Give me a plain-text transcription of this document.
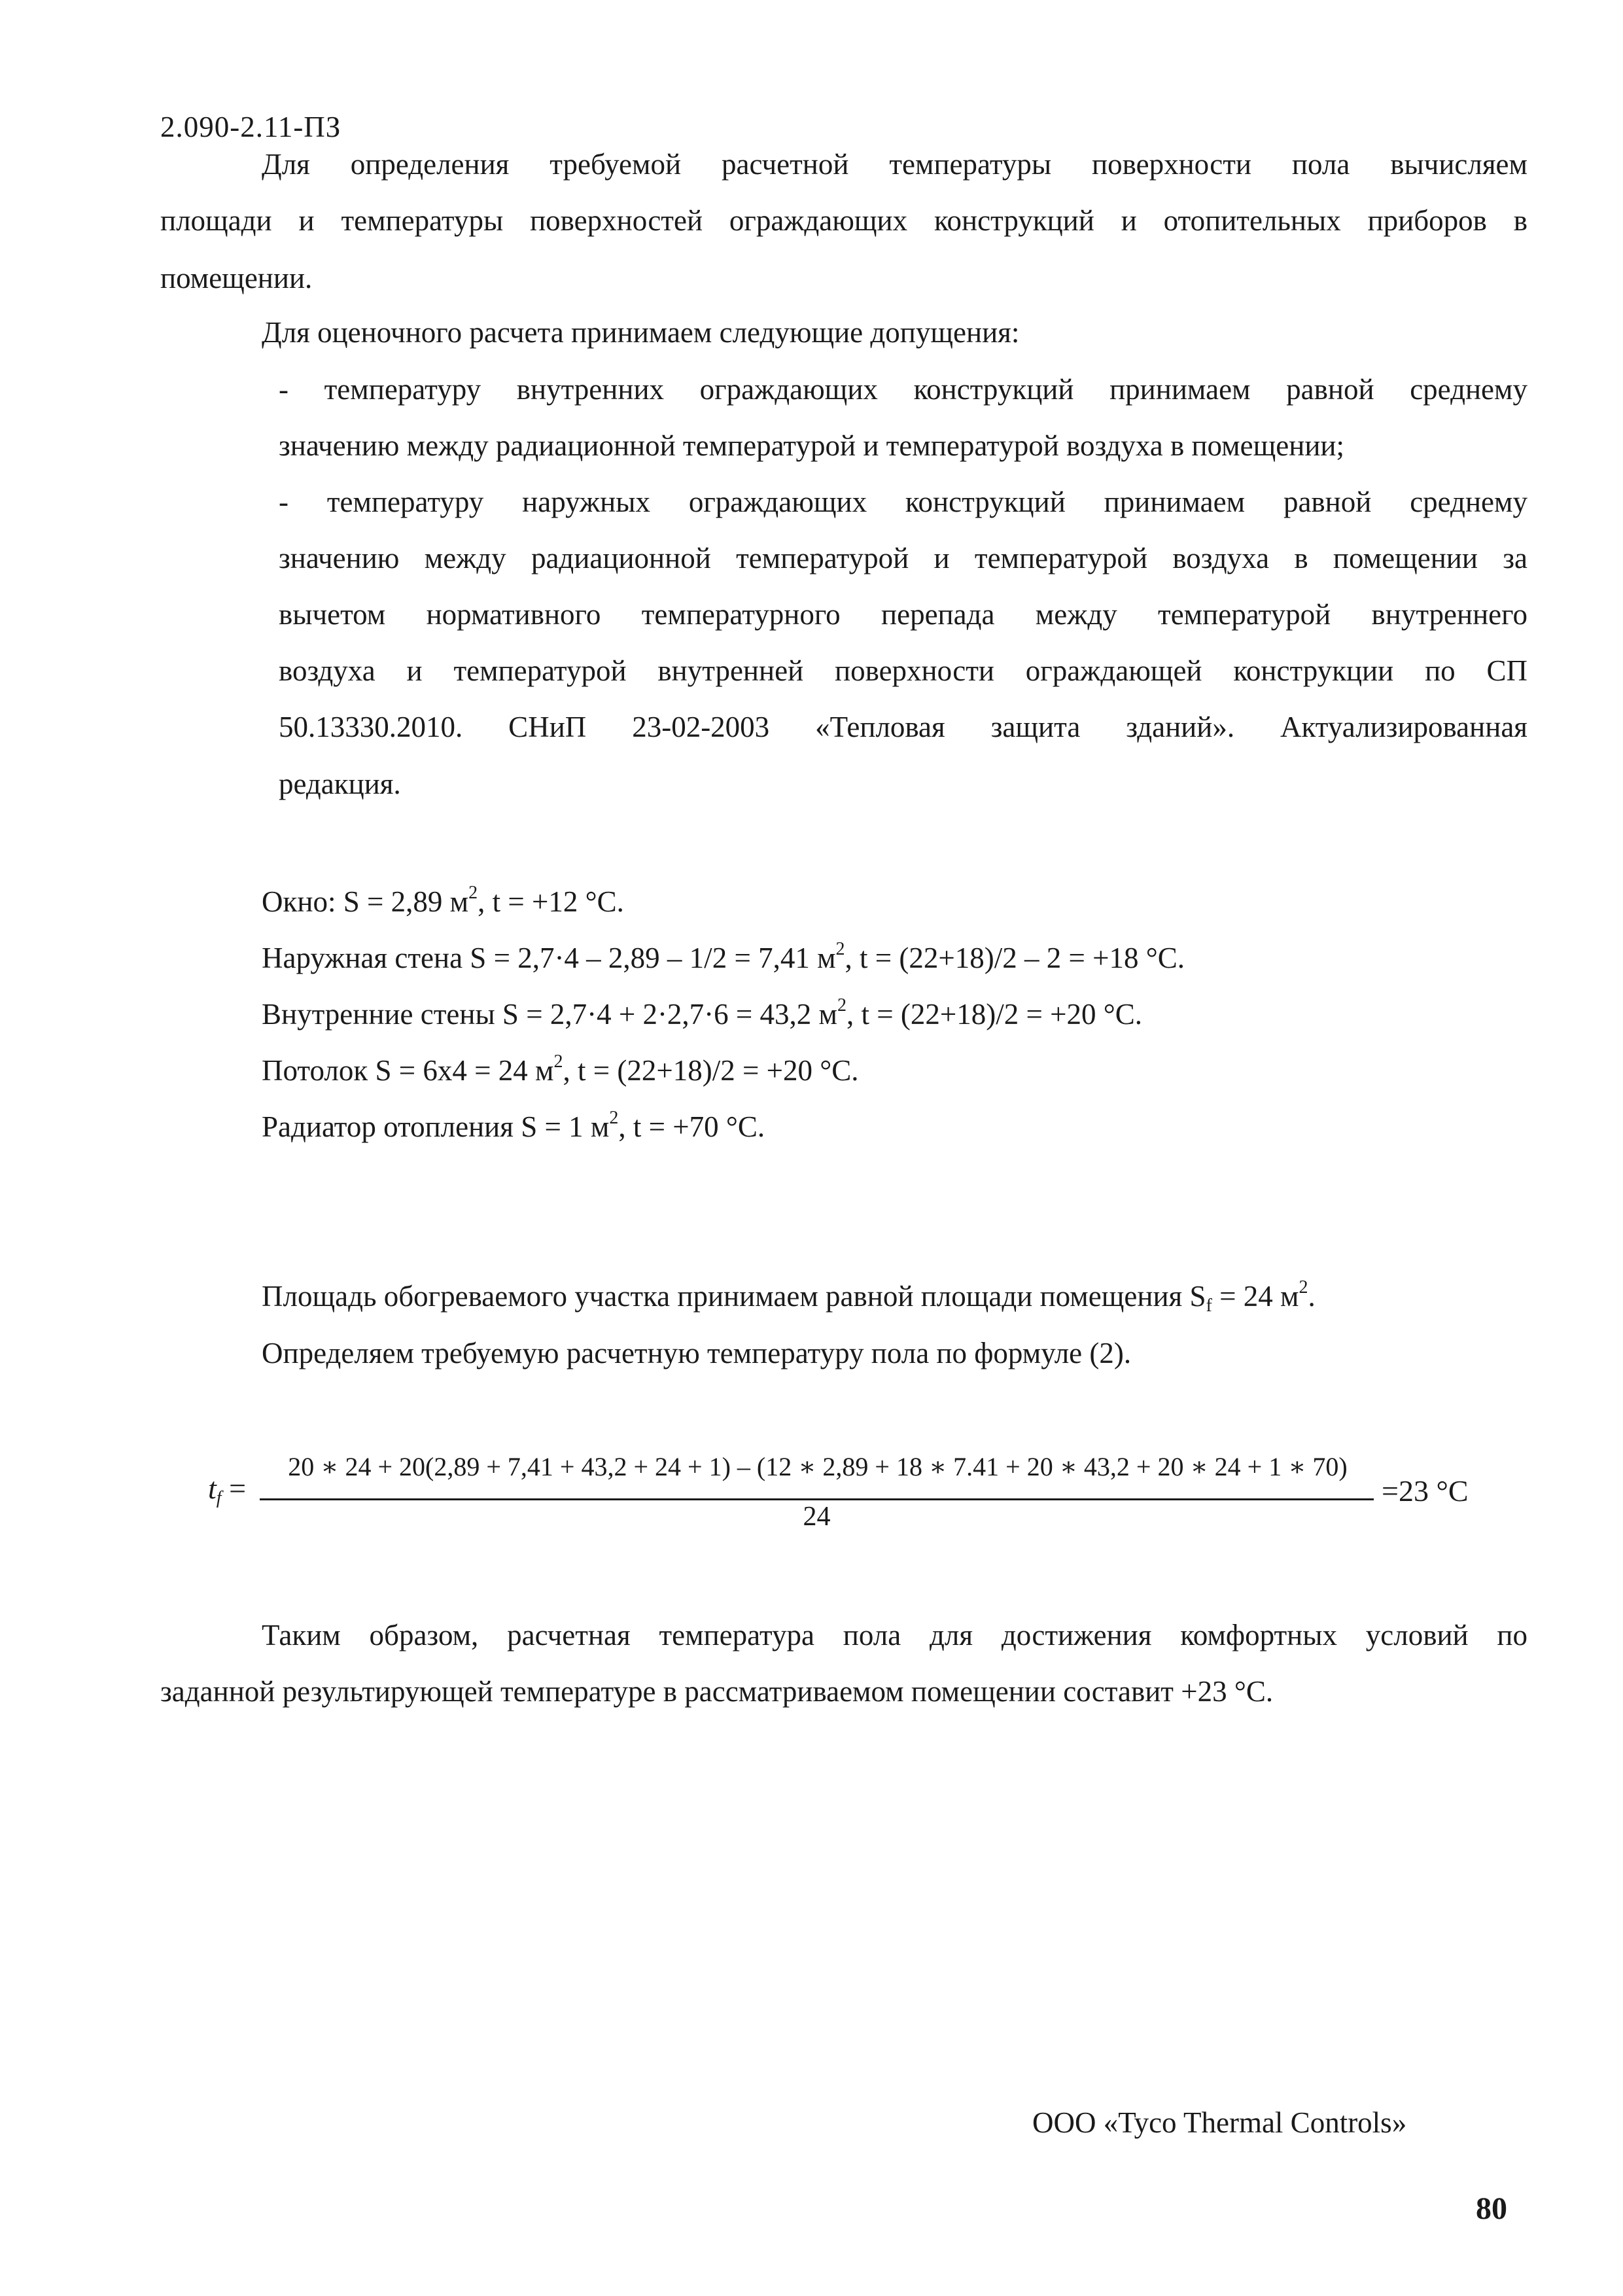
2.090-2.11-ПЗ
Для определения требуемой расчетной температуры поверхности пола вычисляем
площади и температуры поверхностей ограждающих конструкций и отопительных приборов в
помещении.
Для оценочного расчета принимаем следующие допущения:
- температуру внутренних ограждающих конструкций принимаем равной среднему
значению между радиационной температурой и температурой воздуха в помещении;
- температуру наружных ограждающих конструкций принимаем равной среднему
значению между радиационной температурой и температурой воздуха в помещении за
вычетом нормативного температурного перепада между температурой внутреннего
воздуха и температурой внутренней поверхности ограждающей конструкции по СП
50.13330.2010. СНиП 23-02-2003 «Тепловая защита зданий». Актуализированная
редакция.
Окно: S = 2,89 $м^2$, t = +12 °С.
Наружная стена S = 2,7·4 – 2,89 – 1/2 = 7,41 $м^2$, t = (22+18)/2 – 2 = +18 °С.
Внутренние стены S = 2,7·4 + 2·2,7·6 = 43,2 $м^2$, t = (22+18)/2 = +20 °С.
Потолок S = 6х4 = 24 $м^2$, t = (22+18)/2 = +20 °С.
Радиатор отопления S = 1 $м^2$, t = +70 °С.
Площадь обогреваемого участка принимаем равной площади помещения $S_f = 24$ $м^2$.
Определяем требуемую расчетную температуру пола по формуле (2).
$t_f$ =
20 ∗ 24 + 20(2,89 + 7,41 + 43,2 + 24 + 1) – (12 ∗ 2,89 + 18 ∗ 7.41 + 20 ∗ 43,2 + 20 ∗ 24 + 1 ∗ 70)
24
=23 °С
Таким образом, расчетная температура пола для достижения комфортных условий по
заданной результирующей температуре в рассматриваемом помещении составит +23 °С.
ООО «Tyco Thermal Controls»
80
